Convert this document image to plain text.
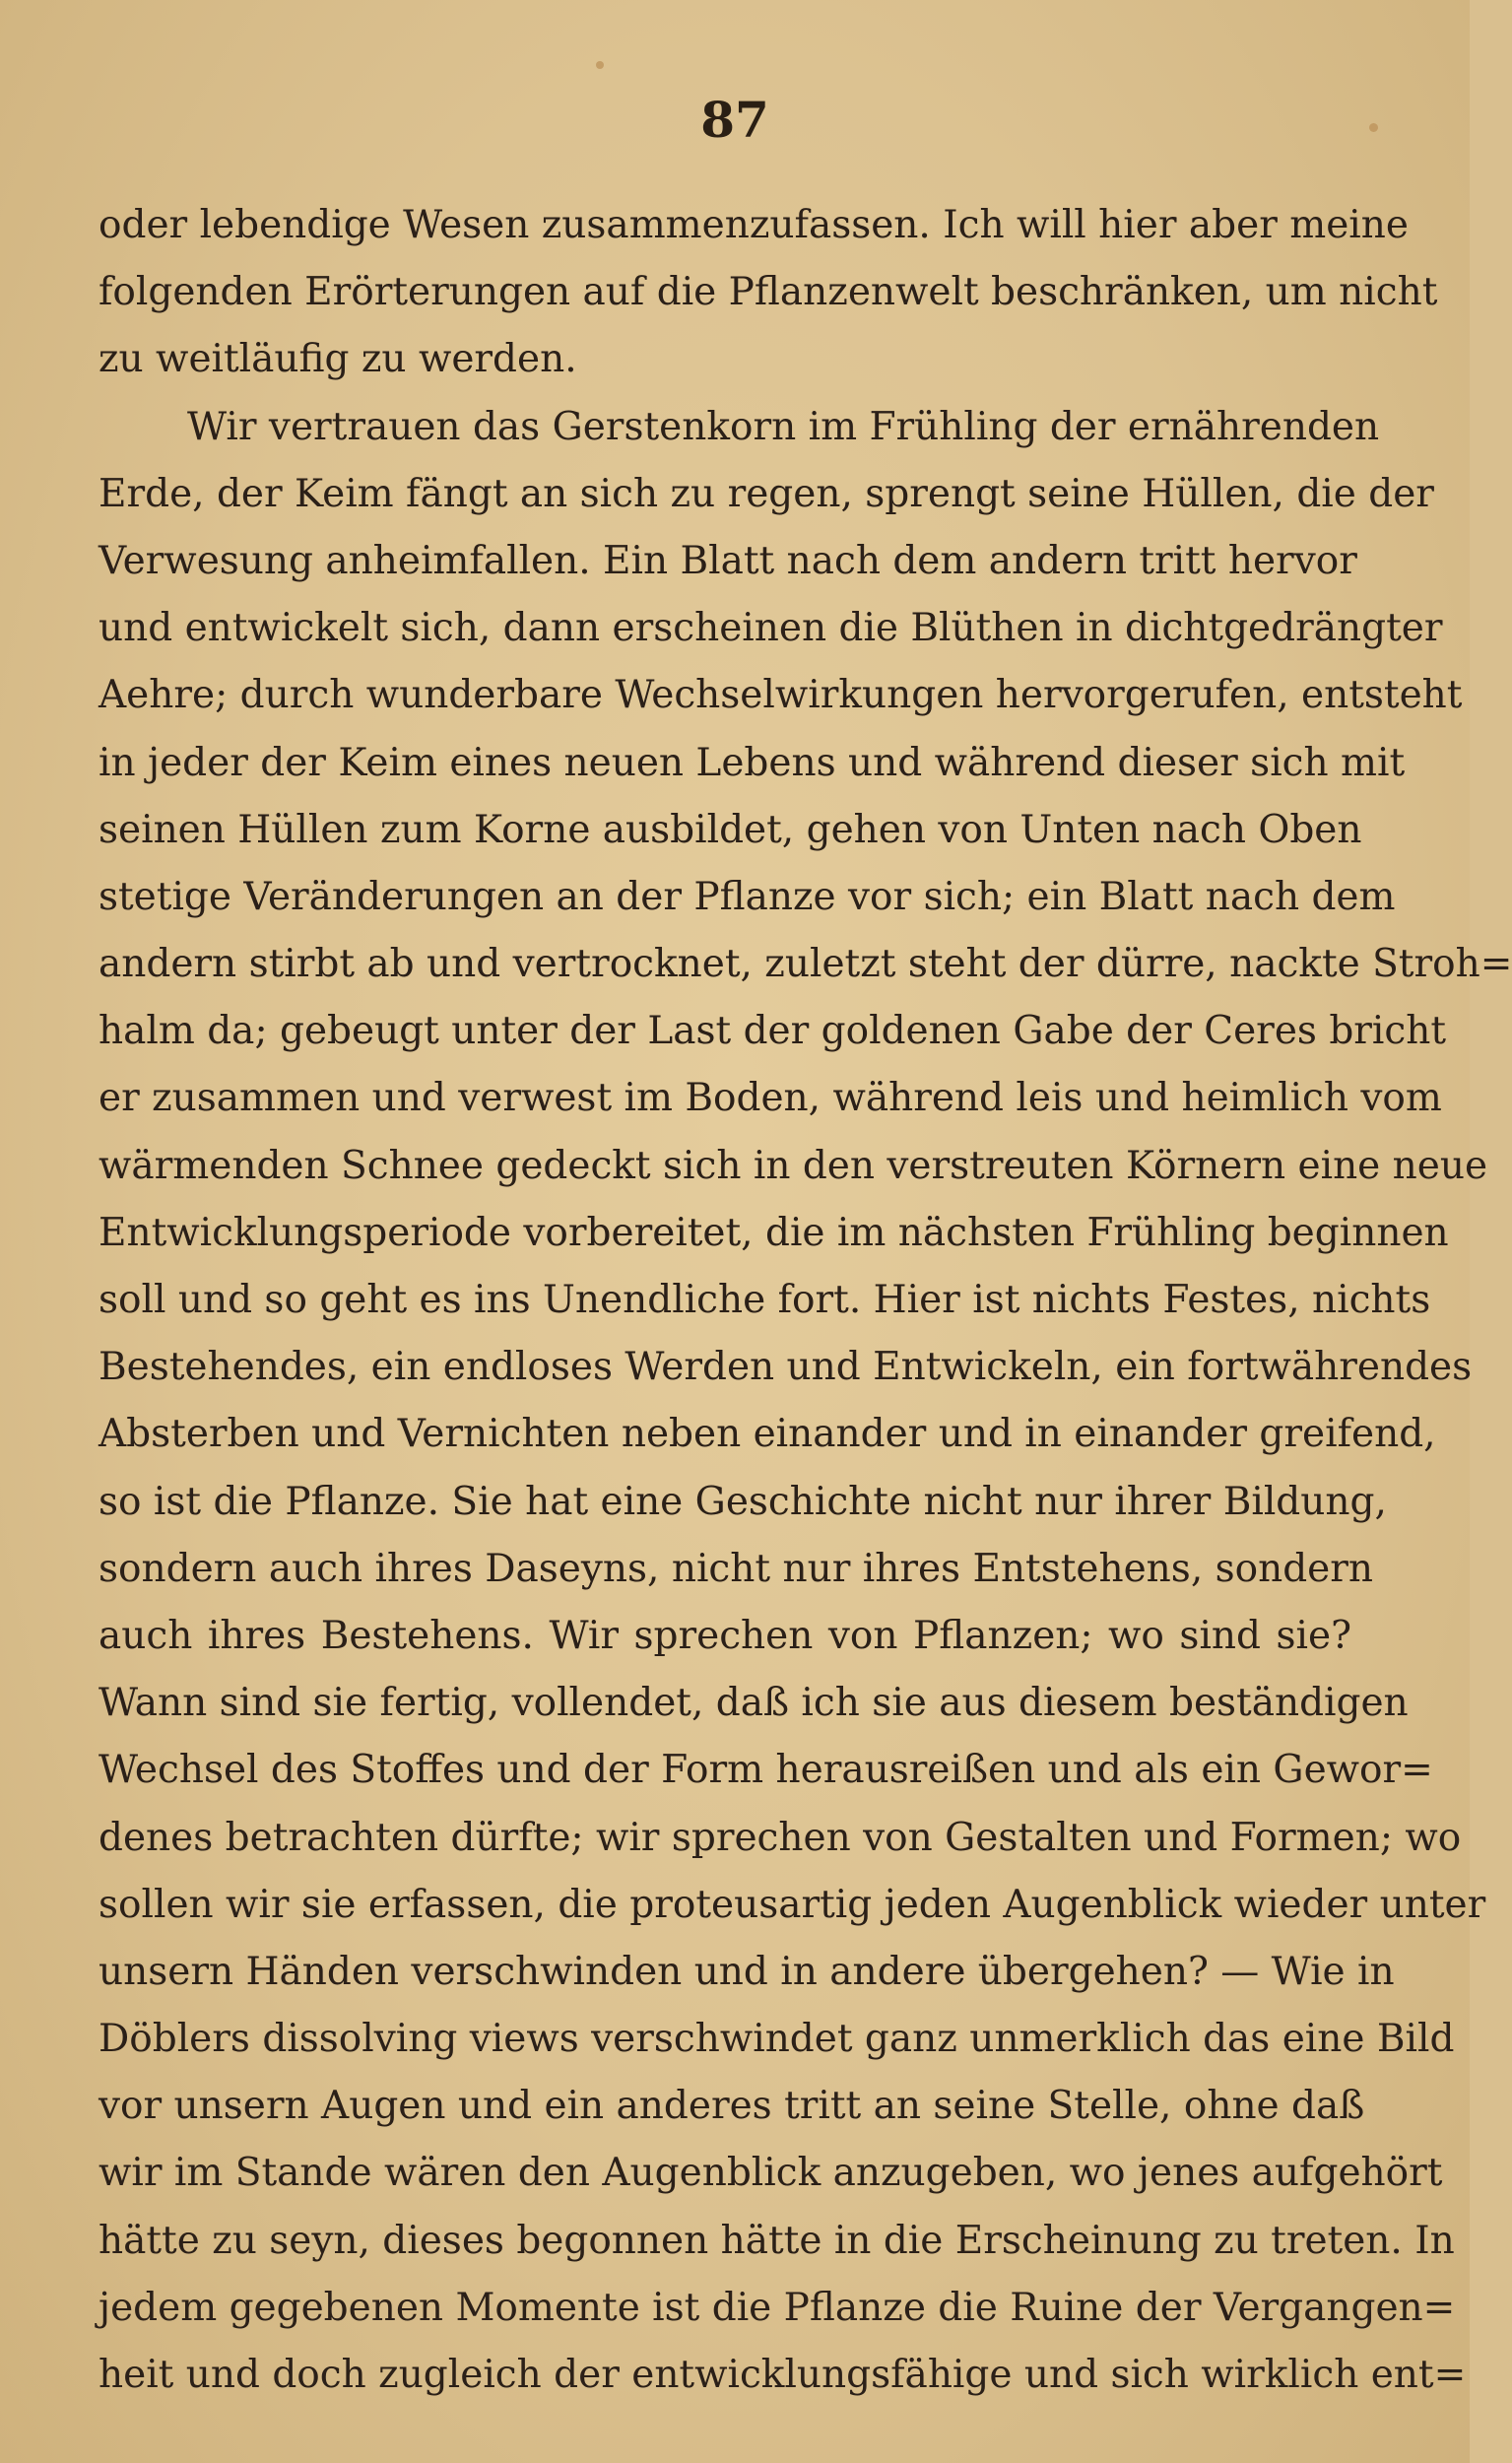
87
oder lebendige Wesen zusammenzufassen. Ich will hier aber meine
folgenden Erörterungen auf die Pflanzenwelt beschränken, um nicht
zu weitläufig zu werden.
Wir vertrauen das Gerstenkorn im Frühling der ernährenden
Erde, der Keim fängt an sich zu regen, sprengt seine Hüllen, die der
Verwesung anheimfallen. Ein Blatt nach dem andern tritt hervor
und entwickelt sich, dann erscheinen die Blüthen in dichtgedrängter
Aehre; durch wunderbare Wechselwirkungen hervorgerufen, entsteht
in jeder der Keim eines neuen Lebens und während dieser sich mit
seinen Hüllen zum Korne ausbildet, gehen von Unten nach Oben
stetige Veränderungen an der Pflanze vor sich; ein Blatt nach dem
andern stirbt ab und vertrocknet, zuletzt steht der dürre, nackte Stroh=
halm da; gebeugt unter der Last der goldenen Gabe der Ceres bricht
er zusammen und verwest im Boden, während leis und heimlich vom
wärmenden Schnee gedeckt sich in den verstreuten Körnern eine neue
Entwicklungsperiode vorbereitet, die im nächsten Frühling beginnen
soll und so geht es ins Unendliche fort. Hier ist nichts Festes, nichts
Bestehendes, ein endloses Werden und Entwickeln, ein fortwährendes
Absterben und Vernichten neben einander und in einander greifend,
so ist die Pflanze. Sie hat eine Geschichte nicht nur ihrer Bildung,
sondern auch ihres Daseyns, nicht nur ihres Entstehens, sondern
auch ihres Bestehens. Wir sprechen von Pflanzen; wo sind sie?
Wann sind sie fertig, vollendet, daß ich sie aus diesem beständigen
Wechsel des Stoffes und der Form herausreißen und als ein Gewor=
denes betrachten dürfte; wir sprechen von Gestalten und Formen; wo
sollen wir sie erfassen, die proteusartig jeden Augenblick wieder unter
unsern Händen verschwinden und in andere übergehen? — Wie in
Döblers dissolving views verschwindet ganz unmerklich das eine Bild
vor unsern Augen und ein anderes tritt an seine Stelle, ohne daß
wir im Stande wären den Augenblick anzugeben, wo jenes aufgehört
hätte zu seyn, dieses begonnen hätte in die Erscheinung zu treten. In
jedem gegebenen Momente ist die Pflanze die Ruine der Vergangen=
heit und doch zugleich der entwicklungsfähige und sich wirklich ent=
